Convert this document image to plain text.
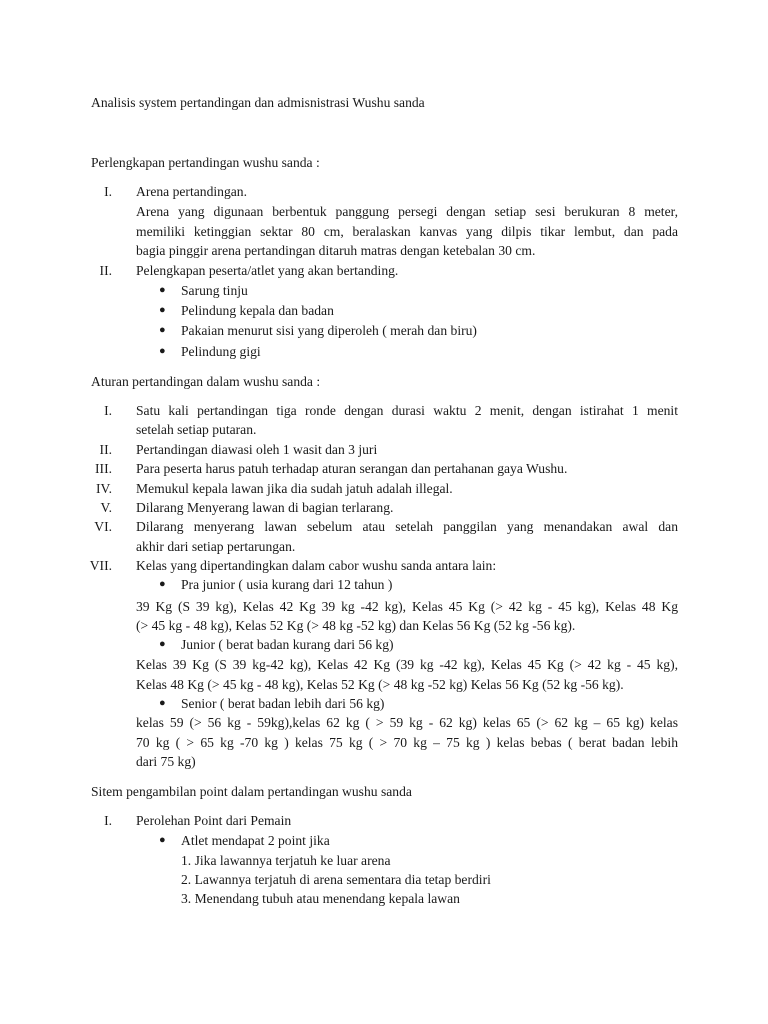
Analisis system pertandingan dan admisnistrasi Wushu sanda
Perlengkapan pertandingan wushu sanda :
I. Arena pertandingan.
Arena yang digunaan berbentuk panggung persegi dengan setiap sesi berukuran 8 meter,
memiliki ketinggian sektar 80 cm, beralaskan kanvas yang dilpis tikar lembut, dan pada
bagia pinggir arena pertandingan ditaruh matras dengan ketebalan 30 cm.
II. Pelengkapan peserta/atlet yang akan bertanding.
● Sarung tinju
● Pelindung kepala dan badan
● Pakaian menurut sisi yang diperoleh ( merah dan biru)
● Pelindung gigi
Aturan pertandingan dalam wushu sanda :
I. Satu kali pertandingan tiga ronde dengan durasi waktu 2 menit, dengan istirahat 1 menit
setelah setiap putaran.
II. Pertandingan diawasi oleh 1 wasit dan 3 juri
III. Para peserta harus patuh terhadap aturan serangan dan pertahanan gaya Wushu.
IV. Memukul kepala lawan jika dia sudah jatuh adalah illegal.
V. Dilarang Menyerang lawan di bagian terlarang.
VI. Dilarang menyerang lawan sebelum atau setelah panggilan yang menandakan awal dan
akhir dari setiap pertarungan.
VII. Kelas yang dipertandingkan dalam cabor wushu sanda antara lain:
● Pra junior ( usia kurang dari 12 tahun )
39 Kg (S 39 kg), Kelas 42 Kg 39 kg -42 kg), Kelas 45 Kg (> 42 kg - 45 kg), Kelas 48 Kg
(> 45 kg - 48 kg), Kelas 52 Kg (> 48 kg -52 kg) dan Kelas 56 Kg (52 kg -56 kg).
● Junior ( berat badan kurang dari 56 kg)
Kelas 39 Kg (S 39 kg-42 kg), Kelas 42 Kg (39 kg -42 kg), Kelas 45 Kg (> 42 kg - 45 kg),
Kelas 48 Kg (> 45 kg - 48 kg), Kelas 52 Kg (> 48 kg -52 kg) Kelas 56 Kg (52 kg -56 kg).
● Senior ( berat badan lebih dari 56 kg)
kelas 59 (> 56 kg - 59kg),kelas 62 kg ( > 59 kg - 62 kg) kelas 65 (> 62 kg – 65 kg) kelas
70 kg ( > 65 kg -70 kg ) kelas 75 kg ( > 70 kg – 75 kg ) kelas bebas ( berat badan lebih
dari 75 kg)
Sitem pengambilan point dalam pertandingan wushu sanda
I. Perolehan Point dari Pemain
● Atlet mendapat 2 point jika
1. Jika lawannya terjatuh ke luar arena
2. Lawannya terjatuh di arena sementara dia tetap berdiri
3. Menendang tubuh atau menendang kepala lawan
